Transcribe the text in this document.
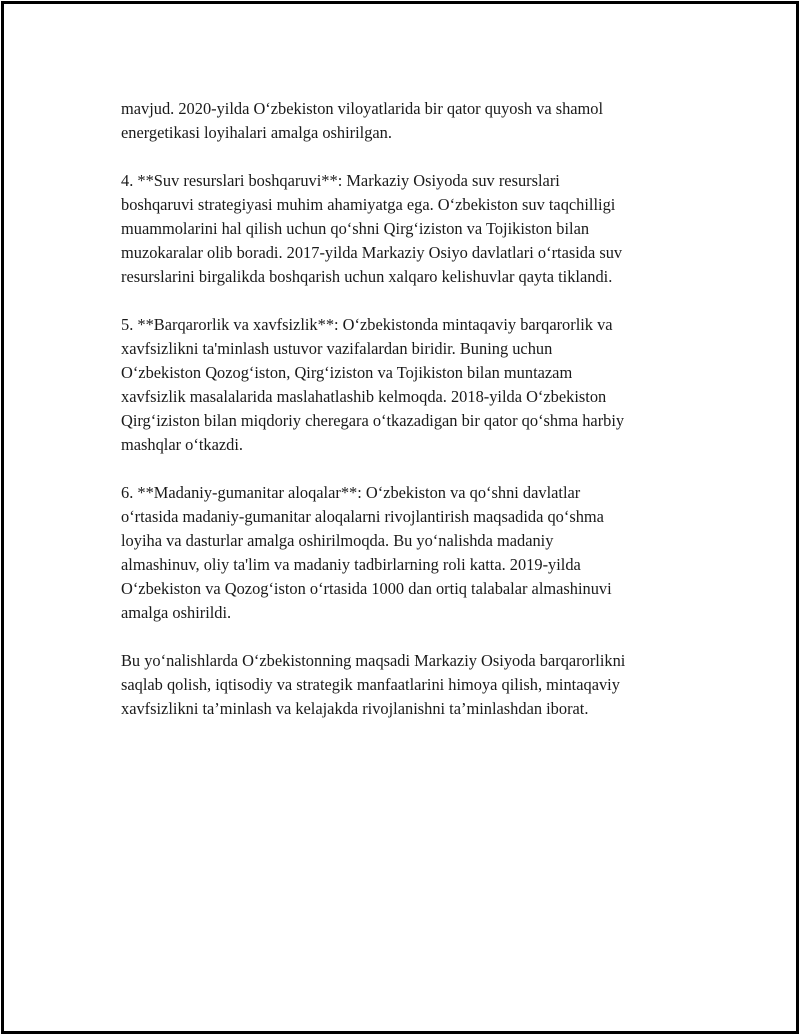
mavjud. 2020-yilda O‘zbekiston viloyatlarida bir qator quyosh va shamol
energetikasi loyihalari amalga oshirilgan.
4. **Suv resurslari boshqaruvi**: Markaziy Osiyoda suv resurslari
boshqaruvi strategiyasi muhim ahamiyatga ega. O‘zbekiston suv taqchilligi
muammolarini hal qilish uchun qo‘shni Qirg‘iziston va Tojikiston bilan
muzokaralar olib boradi. 2017-yilda Markaziy Osiyo davlatlari o‘rtasida suv
resurslarini birgalikda boshqarish uchun xalqaro kelishuvlar qayta tiklandi.
5. **Barqarorlik va xavfsizlik**: O‘zbekistonda mintaqaviy barqarorlik va
xavfsizlikni ta'minlash ustuvor vazifalardan biridir. Buning uchun
O‘zbekiston Qozog‘iston, Qirg‘iziston va Tojikiston bilan muntazam
xavfsizlik masalalarida maslahatlashib kelmoqda. 2018-yilda O‘zbekiston
Qirg‘iziston bilan miqdoriy cheregara o‘tkazadigan bir qator qo‘shma harbiy
mashqlar o‘tkazdi.
6. **Madaniy-gumanitar aloqalar**: O‘zbekiston va qo‘shni davlatlar
o‘rtasida madaniy-gumanitar aloqalarni rivojlantirish maqsadida qo‘shma
loyiha va dasturlar amalga oshirilmoqda. Bu yo‘nalishda madaniy
almashinuv, oliy ta'lim va madaniy tadbirlarning roli katta. 2019-yilda
O‘zbekiston va Qozog‘iston o‘rtasida 1000 dan ortiq talabalar almashinuvi
amalga oshirildi.
Bu yo‘nalishlarda O‘zbekistonning maqsadi Markaziy Osiyoda barqarorlikni
saqlab qolish, iqtisodiy va strategik manfaatlarini himoya qilish, mintaqaviy
xavfsizlikni ta’minlash va kelajakda rivojlanishni ta’minlashdan iborat.
